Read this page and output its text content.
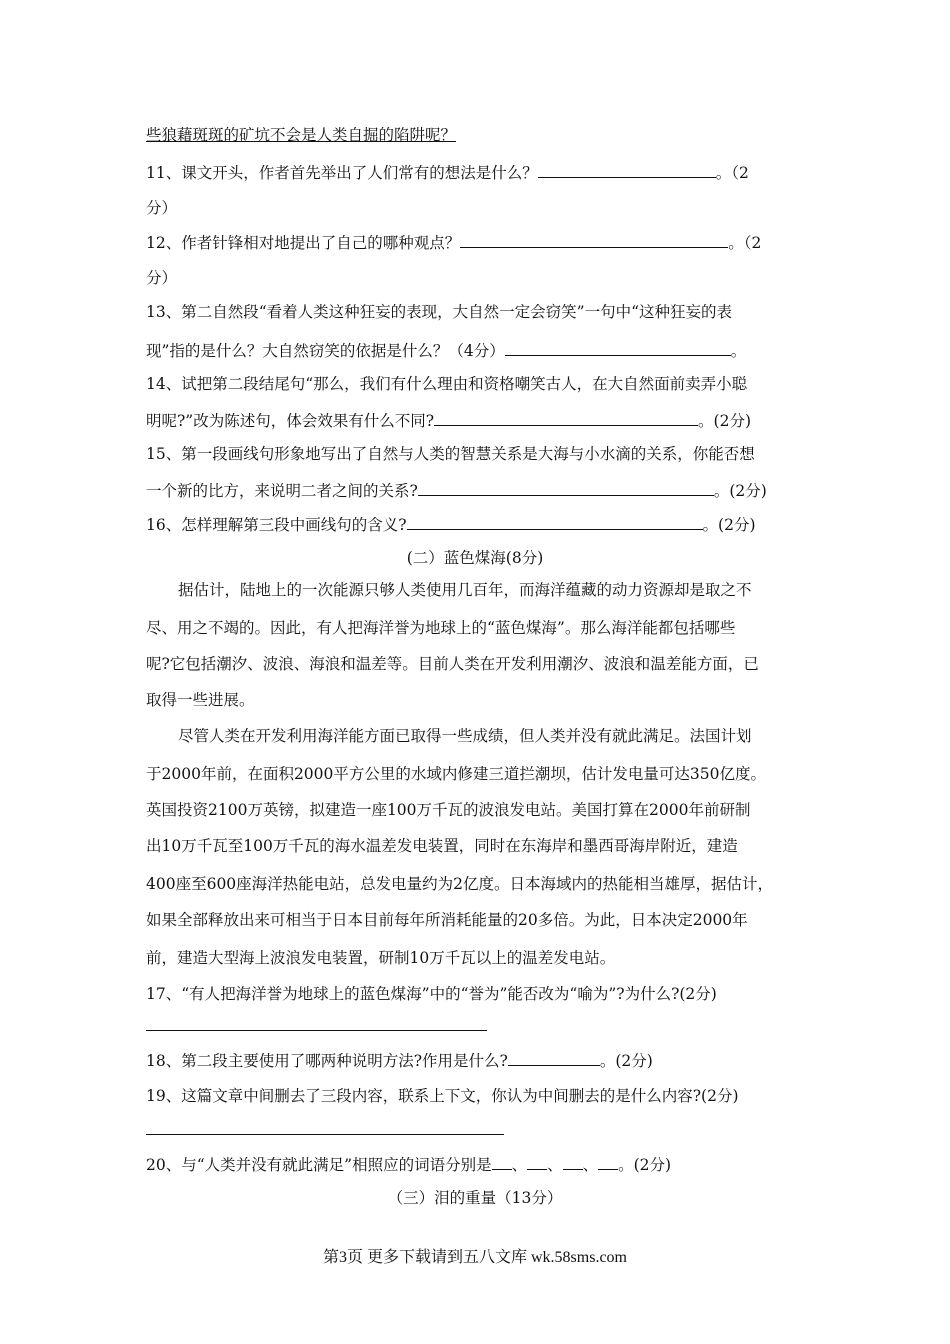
些狼藉斑斑的矿坑不会是人类自掘的陷阱呢？
11、课文开头，作者首先举出了人们常有的想法是什么？	。（2
分）
12、作者针锋相对地提出了自己的哪种观点？	。（2
分）
13、第二自然段“看着人类这种狂妄的表现，大自然一定会窃笑”一句中“这种狂妄的表
现”指的是什么？大自然窃笑的依据是什么？（4分）	。
14、试把第二段结尾句“那么，我们有什么理由和资格嘲笑古人，在大自然面前卖弄小聪
明呢?”改为陈述句，体会效果有什么不同?	。(2分)
15、第一段画线句形象地写出了自然与人类的智慧关系是大海与小水滴的关系，你能否想
一个新的比方，来说明二者之间的关系?	。(2分)
16、怎样理解第三段中画线句的含义?	。(2分)
(二）蓝色煤海(8分)
据估计，陆地上的一次能源只够人类使用几百年，而海洋蕴藏的动力资源却是取之不
尽、用之不竭的。因此，有人把海洋誉为地球上的“蓝色煤海”。那么海洋能都包括哪些
呢?它包括潮汐、波浪、海浪和温差等。目前人类在开发利用潮汐、波浪和温差能方面，已
取得一些进展。
尽管人类在开发利用海洋能方面已取得一些成绩，但人类并没有就此满足。法国计划
于2000年前，在面积2000平方公里的水域内修建三道拦潮坝，估计发电量可达350亿度。
英国投资2100万英镑，拟建造一座100万千瓦的波浪发电站。美国打算在2000年前研制
出10万千瓦至100万千瓦的海水温差发电装置，同时在东海岸和墨西哥海岸附近，建造
400座至600座海洋热能电站，总发电量约为2亿度。日本海域内的热能相当雄厚，据估计，
如果全部释放出来可相当于日本目前每年所消耗能量的20多倍。为此，日本决定2000年
前，建造大型海上波浪发电装置，研制10万千瓦以上的温差发电站。
17、“有人把海洋誉为地球上的蓝色煤海”中的“誉为”能否改为“喻为”?为什么?(2分)
18、第二段主要使用了哪两种说明方法?作用是什么?	。(2分)
19、这篇文章中间删去了三段内容，联系上下文，你认为中间删去的是什么内容?(2分)
20、与“人类并没有就此满足”相照应的词语分别是 、 、 、 。(2分)
（三）泪的重量（13分）
第3页 更多下载请到五八文库 wk.58sms.com
